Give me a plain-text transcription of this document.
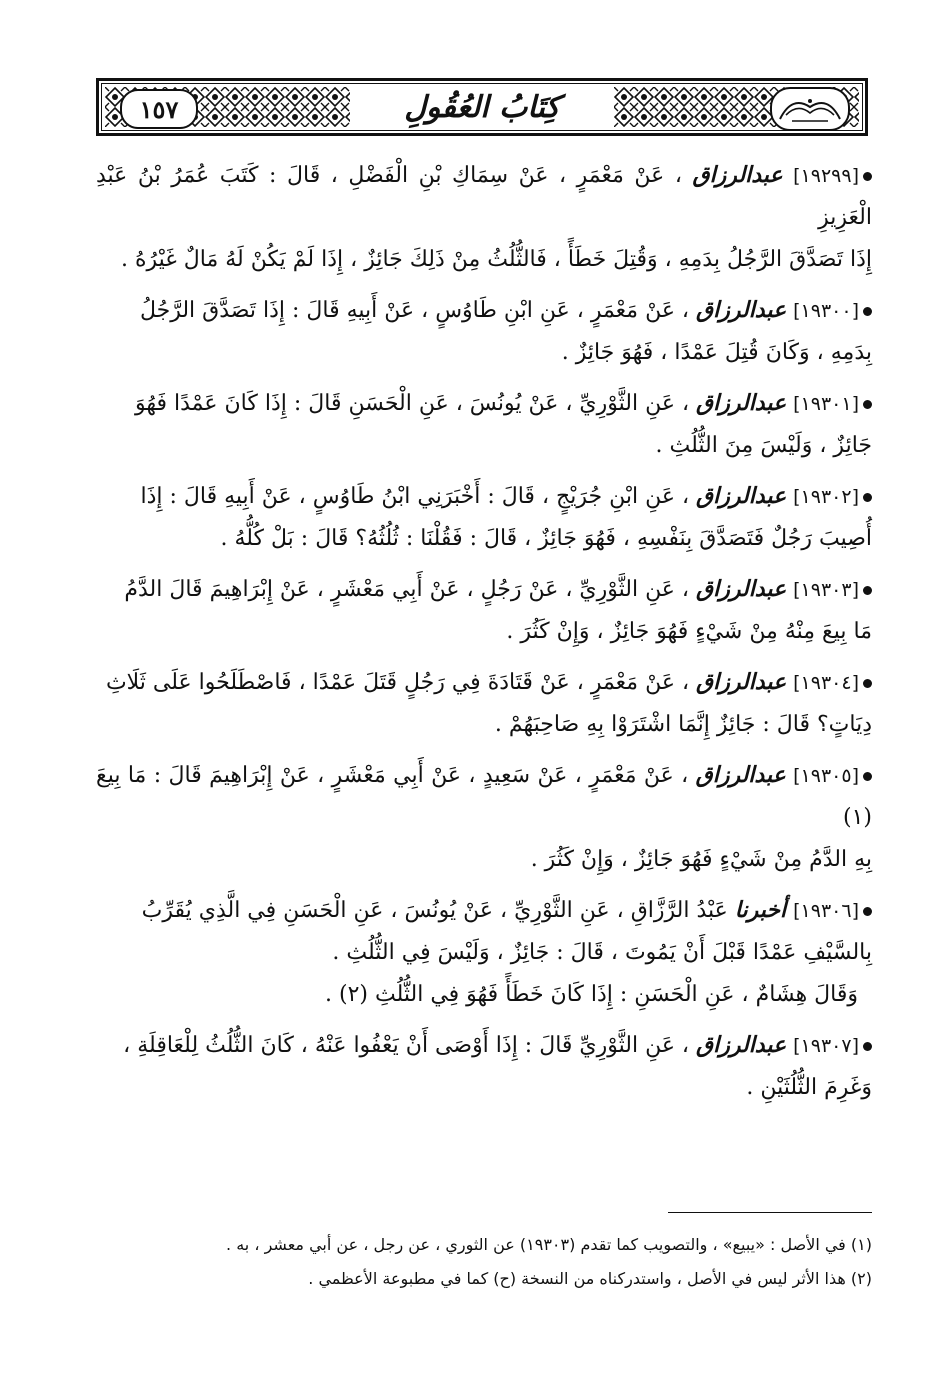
١٥٧	كِتَابُ العُقُولِ
[١٩٢٩٩] عبدالرزاق ، عَنْ مَعْمَرٍ ، عَنْ سِمَاكِ بْنِ الْفَضْلِ ، قَالَ : كَتَبَ عُمَرُ بْنُ عَبْدِ الْعَزِيزِ
إِذَا تَصَدَّقَ الرَّجُلُ بِدَمِهِ ، وَقُتِلَ خَطَأً ، فَالثُّلُثُ مِنْ ذَلِكَ جَائِزٌ ، إِذَا لَمْ يَكُنْ لَهُ مَالٌ غَيْرُهُ .
[١٩٣٠٠] عبدالرزاق ، عَنْ مَعْمَرٍ ، عَنِ ابْنِ طَاوُسٍ ، عَنْ أَبِيهِ قَالَ : إِذَا تَصَدَّقَ الرَّجُلُ
بِدَمِهِ ، وَكَانَ قُتِلَ عَمْدًا ، فَهُوَ جَائِزٌ .
[١٩٣٠١] عبدالرزاق ، عَنِ الثَّوْرِيِّ ، عَنْ يُونُسَ ، عَنِ الْحَسَنِ قَالَ : إِذَا كَانَ عَمْدًا فَهُوَ
جَائِزٌ ، وَلَيْسَ مِنَ الثُّلُثِ .
[١٩٣٠٢] عبدالرزاق ، عَنِ ابْنِ جُرَيْجٍ ، قَالَ : أَخْبَرَنِي ابْنُ طَاوُسٍ ، عَنْ أَبِيهِ قَالَ : إِذَا
أُصِيبَ رَجُلٌ فَتَصَدَّقَ بِنَفْسِهِ ، فَهُوَ جَائِزٌ ، قَالَ : فَقُلْنَا : ثُلُثُهُ؟ قَالَ : بَلْ كُلُّهُ .
[١٩٣٠٣] عبدالرزاق ، عَنِ الثَّوْرِيِّ ، عَنْ رَجُلٍ ، عَنْ أَبِي مَعْشَرٍ ، عَنْ إِبْرَاهِيمَ قَالَ الدَّمُ
مَا بِيعَ مِنْهُ مِنْ شَيْءٍ فَهُوَ جَائِزٌ ، وَإِنْ كَثُرَ .
[١٩٣٠٤] عبدالرزاق ، عَنْ مَعْمَرٍ ، عَنْ قَتَادَةَ فِي رَجُلٍ قَتَلَ عَمْدًا ، فَاصْطَلَحُوا عَلَى ثَلَاثِ
دِيَاتٍ؟ قَالَ : جَائِزٌ إِنَّمَا اشْتَرَوْا بِهِ صَاحِبَهُمْ .
[١٩٣٠٥] عبدالرزاق ، عَنْ مَعْمَرٍ ، عَنْ سَعِيدٍ ، عَنْ أَبِي مَعْشَرٍ ، عَنْ إِبْرَاهِيمَ قَالَ : مَا بِيعَ (١)
بِهِ الدَّمُ مِنْ شَيْءٍ فَهُوَ جَائِزٌ ، وَإِنْ كَثُرَ .
[١٩٣٠٦] أخبرنا عَبْدُ الرَّزَّاقِ ، عَنِ الثَّوْرِيِّ ، عَنْ يُونُسَ ، عَنِ الْحَسَنِ فِي الَّذِي يُقَرِّبُ
بِالسَّيْفِ عَمْدًا قَبْلَ أَنْ يَمُوتَ ، قَالَ : جَائِزٌ ، وَلَيْسَ فِي الثُّلُثِ .
وَقَالَ هِشَامٌ ، عَنِ الْحَسَنِ : إِذَا كَانَ خَطَأً فَهُوَ فِي الثُّلُثِ (٢) .
[١٩٣٠٧] عبدالرزاق ، عَنِ الثَّوْرِيِّ قَالَ : إِذَا أَوْصَى أَنْ يَعْفُوا عَنْهُ ، كَانَ الثُّلُثُ لِلْعَاقِلَةِ ،
وَغَرِمَ الثُّلُثَيْنِ .
(١) في الأصل : «يبيع» ، والتصويب كما تقدم (١٩٣٠٣) عن الثوري ، عن رجل ، عن أبي معشر ، به .
(٢) هذا الأثر ليس في الأصل ، واستدركناه من النسخة (ح) كما في مطبوعة الأعظمي .
